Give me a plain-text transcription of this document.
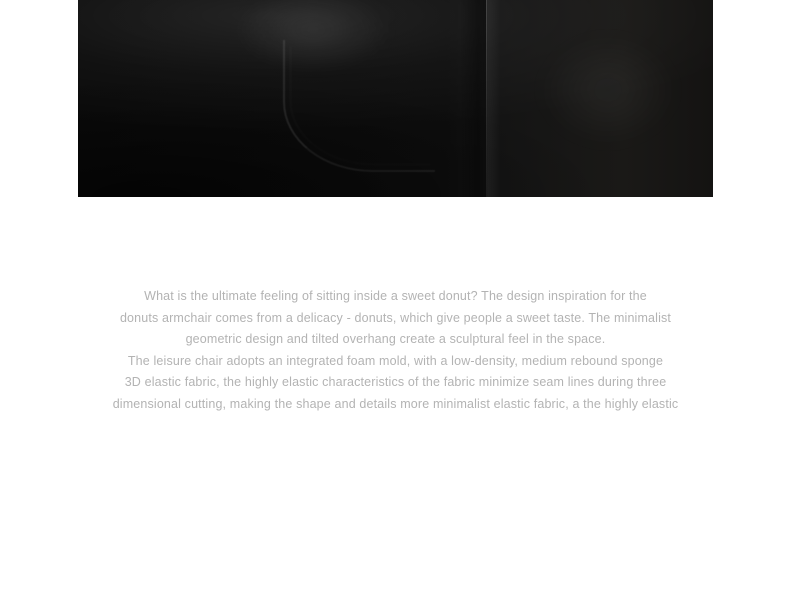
What is the ultimate feeling of sitting inside a sweet donut? The design inspiration for the

donuts armchair comes from a delicacy - donuts, which give people a sweet taste. The minimalist

geometric design and tilted overhang create a sculptural feel in the space.

The leisure chair adopts an integrated foam mold, with a low-density, medium rebound sponge

3D elastic fabric, the highly elastic characteristics of the fabric minimize seam lines during three

dimensional cutting, making the shape and details more minimalist elastic fabric, a the highly elastic
